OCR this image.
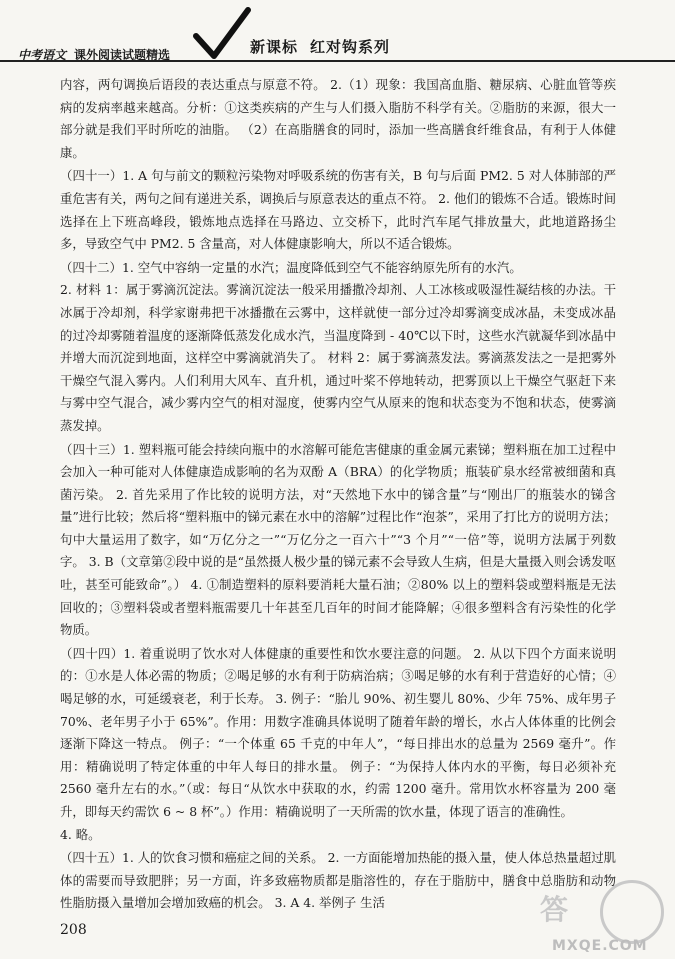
中考语文 课外阅读试题精选	新课标 红对钩系列

内容，两句调换后语段的表达重点与原意不符。 2.（1）现象：我国高血脂、糖尿病、心脏血管等疾病的发病率越来越高。分析：①这类疾病的产生与人们摄入脂肪不科学有关。②脂肪的来源，很大一部分就是我们平时所吃的油脂。 （2）在高脂膳食的同时，添加一些高膳食纤维食品，有利于人体健康。

（四十一）1. A 句与前文的颗粒污染物对呼吸系统的伤害有关，B 句与后面 PM2. 5 对人体肺部的严重危害有关，两句之间有递进关系，调换后与原意表达的重点不符。 2. 他们的锻炼不合适。锻炼时间选择在上下班高峰段，锻炼地点选择在马路边、立交桥下，此时汽车尾气排放量大，此地道路扬尘多，导致空气中 PM2. 5 含量高，对人体健康影响大，所以不适合锻炼。

（四十二）1. 空气中容纳一定量的水汽；温度降低到空气不能容纳原先所有的水汽。

2. 材料 1：属于雾滴沉淀法。雾滴沉淀法一般采用播撒冷却剂、人工冰核或吸湿性凝结核的办法。干冰属于冷却剂，科学家谢弗把干冰播撒在云雾中，这样就使一部分过冷却雾滴变成冰晶，未变成冰晶的过冷却雾随着温度的逐渐降低蒸发化成水汽，当温度降到 - 40℃以下时，这些水汽就凝华到冰晶中并增大而沉淀到地面，这样空中雾滴就消失了。 材料 2：属于雾滴蒸发法。雾滴蒸发法之一是把雾外干燥空气混入雾内。人们利用大风车、直升机，通过叶桨不停地转动，把雾顶以上干燥空气驱赶下来与雾中空气混合，减少雾内空气的相对湿度，使雾内空气从原来的饱和状态变为不饱和状态，使雾滴蒸发掉。

（四十三）1. 塑料瓶可能会持续向瓶中的水溶解可能危害健康的重金属元素锑；塑料瓶在加工过程中会加入一种可能对人体健康造成影响的名为双酚 A（BRA）的化学物质；瓶装矿泉水经常被细菌和真菌污染。 2. 首先采用了作比较的说明方法，对“天然地下水中的锑含量”与“刚出厂的瓶装水的锑含量”进行比较；然后将“塑料瓶中的锑元素在水中的溶解”过程比作“泡茶”，采用了打比方的说明方法；句中大量运用了数字，如“万亿分之一”“万亿分之一百六十”“3 个月”“一倍”等，说明方法属于列数字。 3. B（文章第②段中说的是“虽然摄人极少量的锑元素不会导致人生病，但是大量摄入则会诱发呕吐，甚至可能致命”。） 4. ①制造塑料的原料要消耗大量石油；②80% 以上的塑料袋或塑料瓶是无法回收的；③塑料袋或者塑料瓶需要几十年甚至几百年的时间才能降解；④很多塑料含有污染性的化学物质。

（四十四）1. 着重说明了饮水对人体健康的重要性和饮水要注意的问题。 2. 从以下四个方面来说明的：①水是人体必需的物质；②喝足够的水有利于防病治病；③喝足够的水有利于营造好的心情；④喝足够的水，可延缓衰老，利于长寿。 3. 例子：“胎儿 90%、初生婴儿 80%、少年 75%、成年男子 70%、老年男子小于 65%”。作用：用数字准确具体说明了随着年龄的增长，水占人体体重的比例会逐渐下降这一特点。 例子：“一个体重 65 千克的中年人”，“每日排出水的总量为 2569 毫升”。作用：精确说明了特定体重的中年人每日的排水量。 例子：“为保持人体内水的平衡，每日必须补充 2560 毫升左右的水。”（或：每日“从饮水中获取的水，约需 1200 毫升。常用饮水杯容量为 200 毫升，即每天约需饮 6 ~ 8 杯”。）作用：精确说明了一天所需的饮水量，体现了语言的准确性。

4. 略。

（四十五）1. 人的饮食习惯和癌症之间的关系。 2. 一方面能增加热能的摄入量，使人体总热量超过肌体的需要而导致肥胖；另一方面，许多致癌物质都是脂溶性的，存在于脂肪中，膳食中总脂肪和动物性脂肪摄入量增加会增加致癌的机会。 3. A 4. 举例子 生活

208
答
MXQE.COM
